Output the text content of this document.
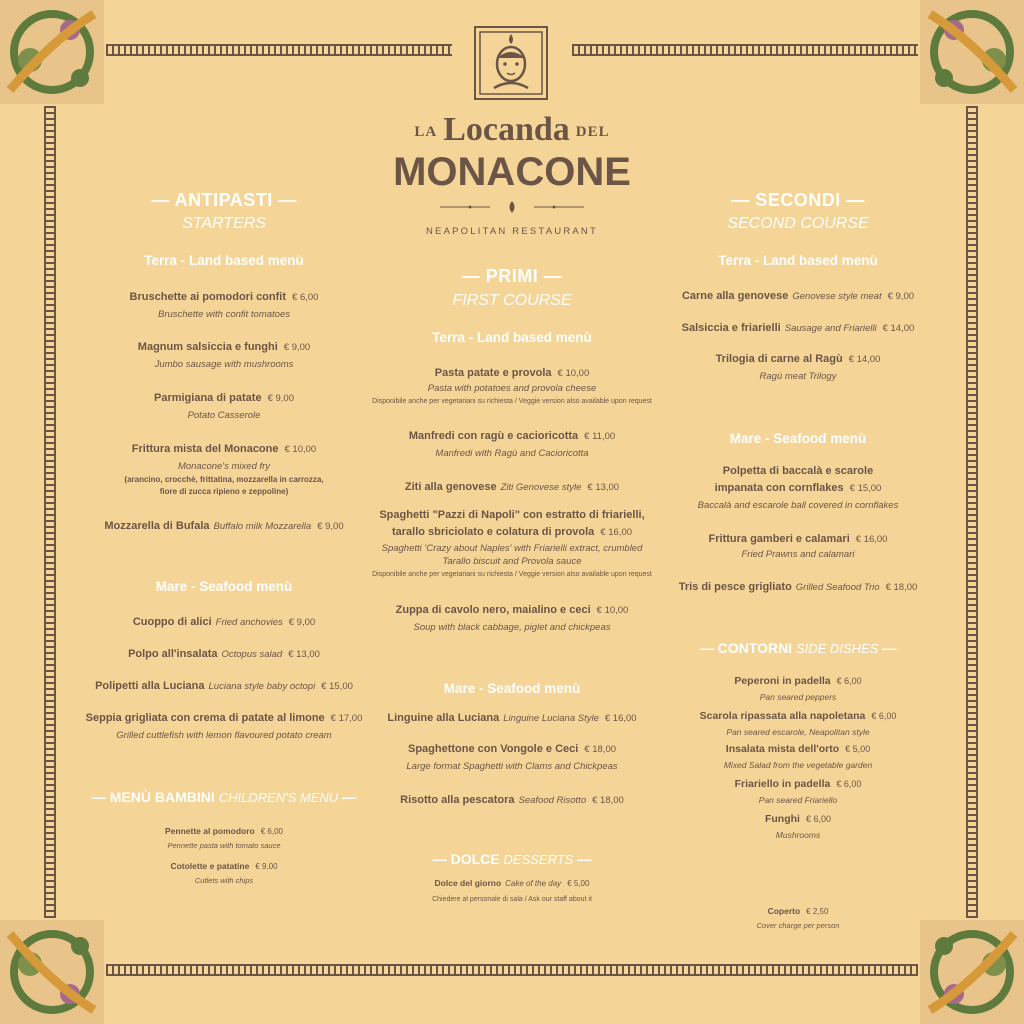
LA Locanda DEL
MONACONE
NEAPOLITAN RESTAURANT
— ANTIPASTI —
STARTERS
Terra - Land based menù
Bruschette ai pomodori confit € 6,00
Bruschette with confit tomatoes
Magnum salsiccia e funghi € 9,00
Jumbo sausage with mushrooms
Parmigiana di patate € 9,00
Potato Casserole
Frittura mista del Monacone € 10,00
Monacone's mixed fry
(arancino, crocchè, frittatina, mozzarella in carrozza,
fiore di zucca ripieno e zeppoline)
Mozzarella di Bufala Buffalo milk Mozzarella € 9,00
Mare - Seafood menù
Cuoppo di alici Fried anchovies € 9,00
Polpo all'insalata Octopus salad € 13,00
Polipetti alla Luciana Luciana style baby octopi € 15,00
Seppia grigliata con crema di patate al limone € 17,00
Grilled cuttlefish with lemon flavoured potato cream
— MENÙ BAMBINI CHILDREN'S MENU —
Pennette al pomodoro € 6,00
Pennette pasta with tomato sauce
Cotolette e patatine € 9,00
Cutlets with chips
— PRIMI —
FIRST COURSE
Terra - Land based menù
Pasta patate e provola € 10,00
Pasta with potatoes and provola cheese
Disponibile anche per vegetariani su richiesta / Veggie version also available upon request
Manfredi con ragù e cacioricotta € 11,00
Manfredi with Ragù and Cacioricotta
Ziti alla genovese Ziti Genovese style € 13,00
Spaghetti "Pazzi di Napoli" con estratto di friarielli,
tarallo sbriciolato e colatura di provola € 16,00
Spaghetti 'Crazy about Naples' with Friarielli extract, crumbled
Tarallo biscuit and Provola sauce
Disponibile anche per vegetariani su richiesta / Veggie version also available upon request
Zuppa di cavolo nero, maialino e ceci € 10,00
Soup with black cabbage, piglet and chickpeas
Mare - Seafood menù
Linguine alla Luciana Linguine Luciana Style € 16,00
Spaghettone con Vongole e Ceci € 18,00
Large format Spaghetti with Clams and Chickpeas
Risotto alla pescatora Seafood Risotto € 18,00
— DOLCE DESSERTS —
Dolce del giorno Cake of the day € 5,00
Chiedere al personale di sala / Ask our staff about it
— SECONDI —
SECOND COURSE
Terra - Land based menù
Carne alla genovese Genovese style meat € 9,00
Salsiccia e friarielli Sausage and Friarielli € 14,00
Trilogia di carne al Ragù € 14,00
Ragù meat Trilogy
Mare - Seafood menù
Polpetta di baccalà e scarole
impanata con cornflakes € 15,00
Baccalà and escarole ball covered in cornflakes
Frittura gamberi e calamari € 16,00
Fried Prawns and calamari
Tris di pesce grigliato Grilled Seafood Trio € 18,00
— CONTORNI SIDE DISHES —
Peperoni in padella € 6,00
Pan seared peppers
Scarola ripassata alla napoletana € 6,00
Pan seared escarole, Neapolitan style
Insalata mista dell'orto € 5,00
Mixed Salad from the vegetable garden
Friariello in padella € 6,00
Pan seared Friariello
Funghi € 6,00
Mushrooms
Coperto € 2,50
Cover charge per person
